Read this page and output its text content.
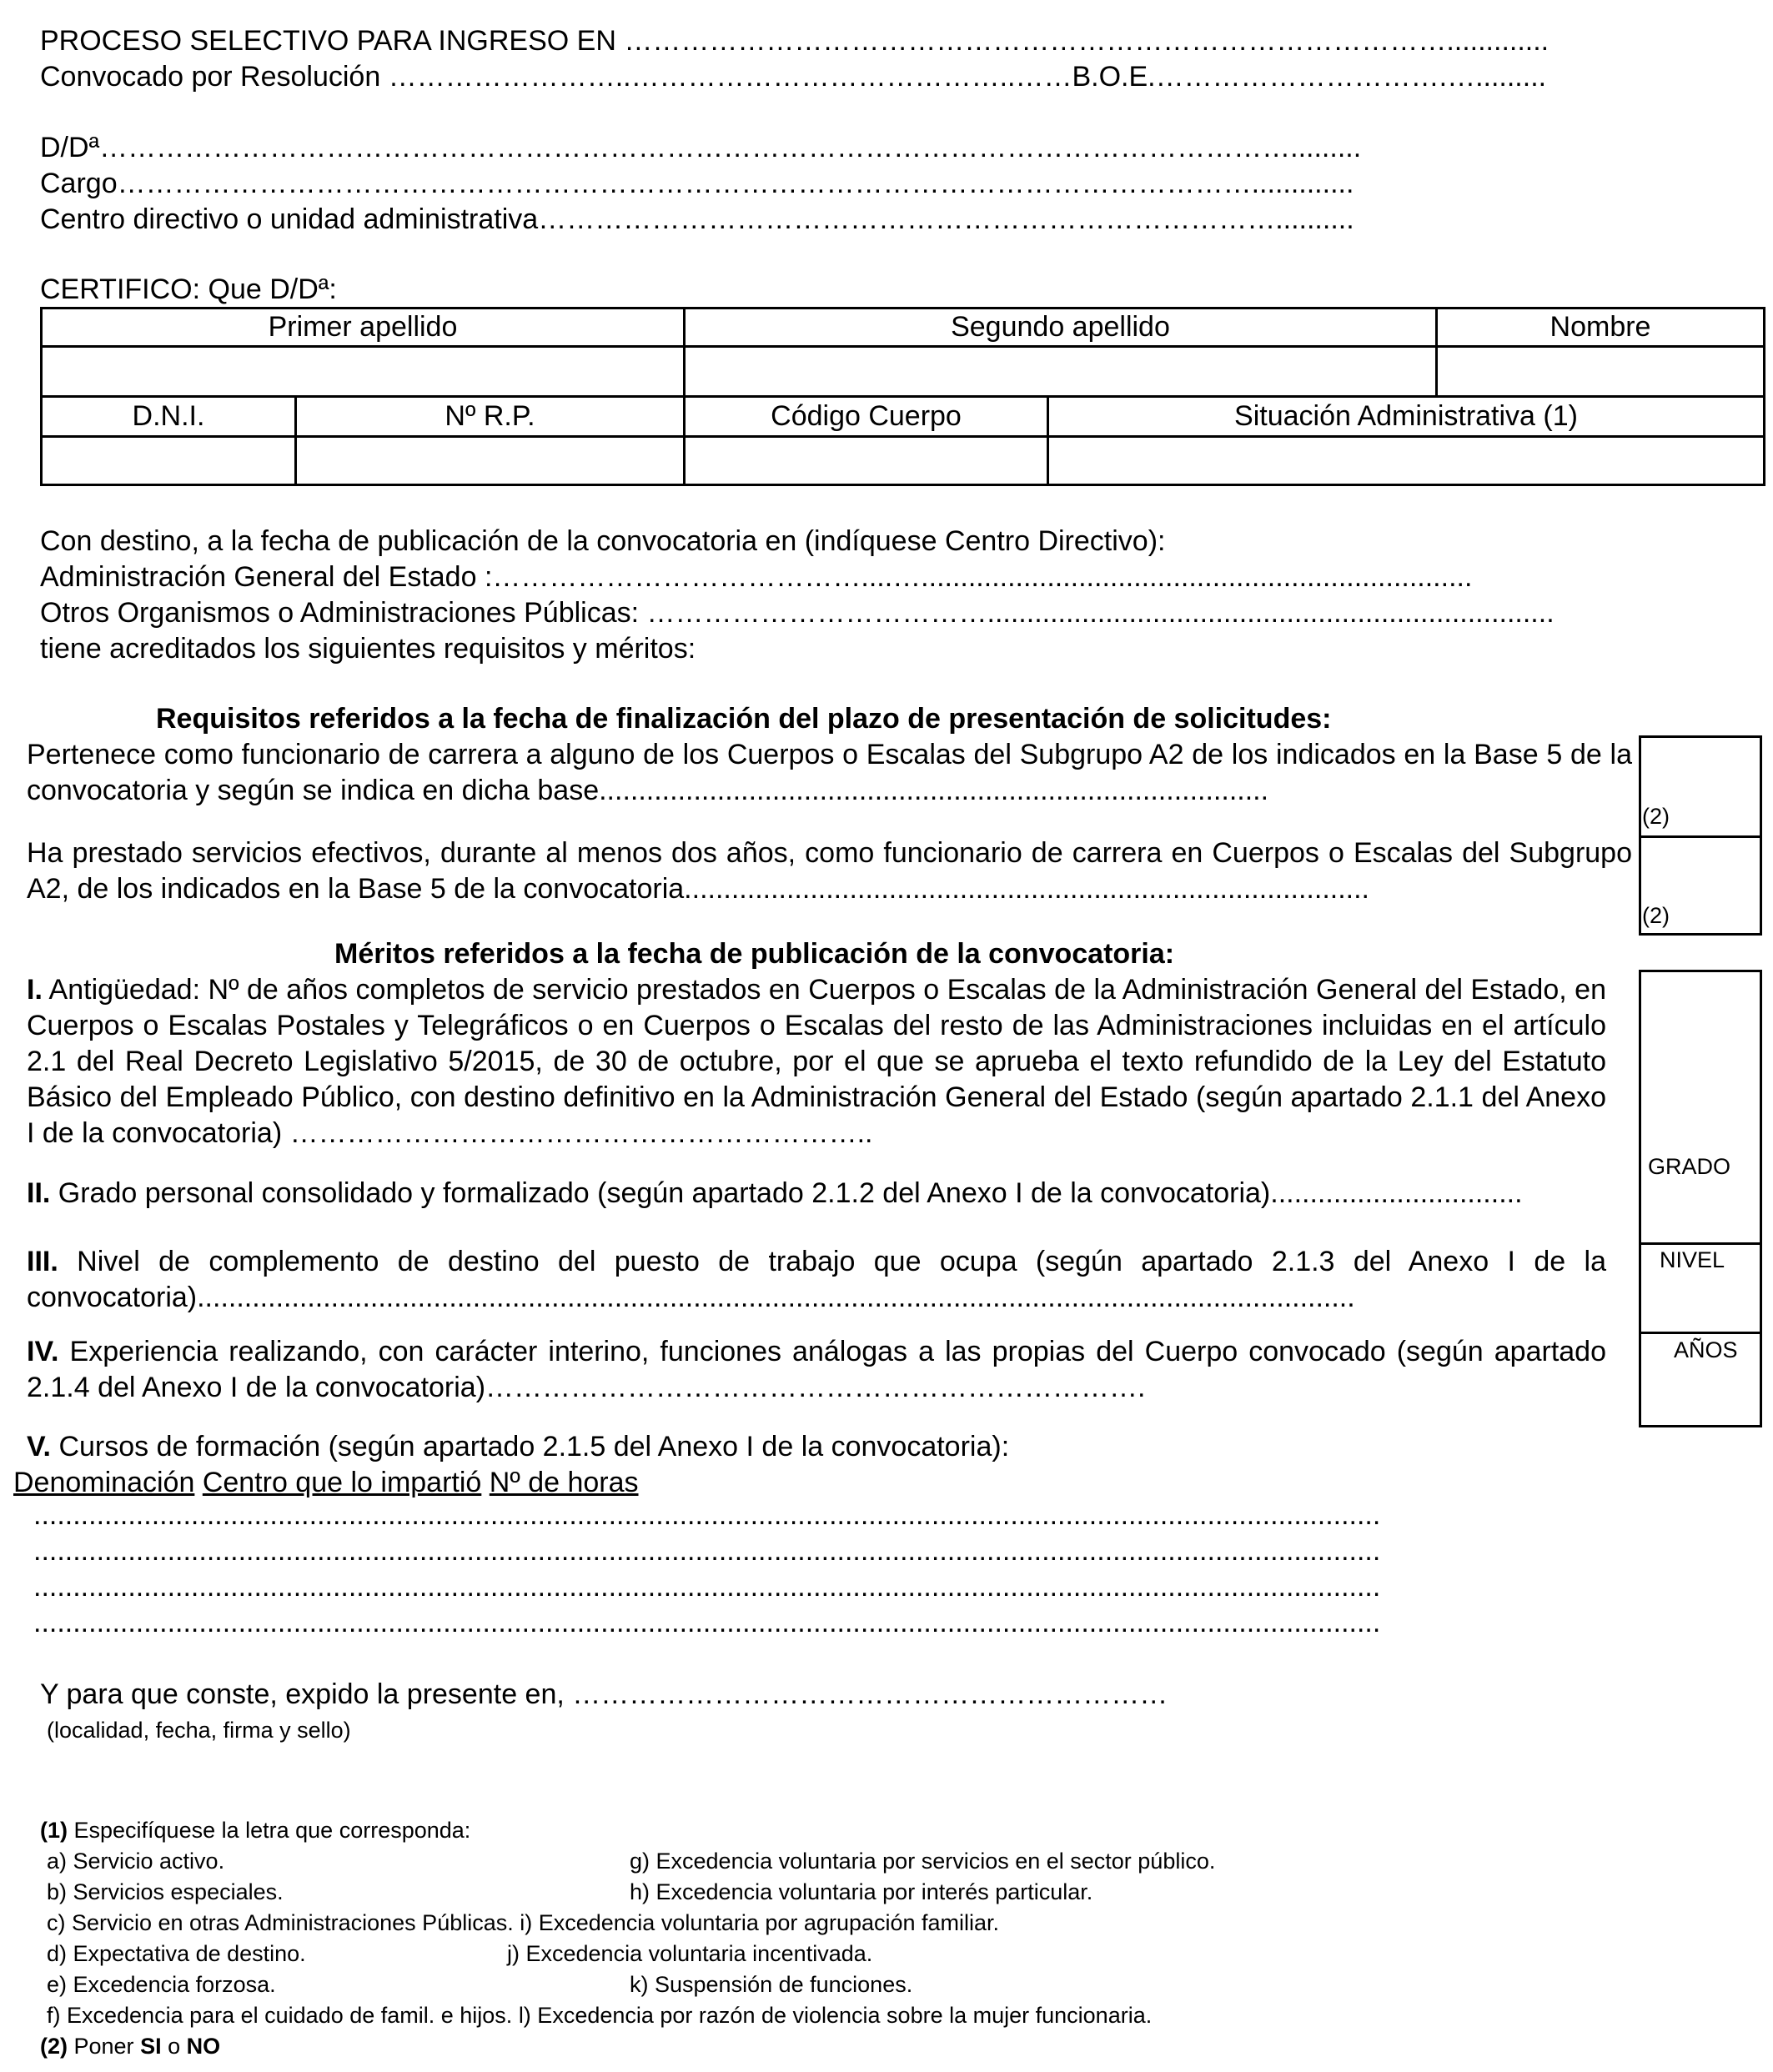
PROCESO SELECTIVO PARA INGRESO EN …………………………………………………………………………….............
Convocado por Resolución ……………………..…………………………………..……B.O.E.………………………….….........
D/Dª……………………………………………………………………………………………………………….........
Cargo………………………………………………………………………………………………………….............
Centro directivo o unidad administrativa……………………………………………………………………..........
CERTIFICO: Que D/Dª:
Primer apellido	Segundo apellido	Nombre

D.N.I.	Nº R.P.	Código Cuerpo	Situación Administrativa (1)

Con destino, a la fecha de publicación de la convocatoria en (indíquese Centro Directivo):
Administración General del Estado :…………………………………....…......................................................................
Otros Organismos o Administraciones Públicas: ………………………………........................................................................
tiene acreditados los siguientes requisitos y méritos:
Requisitos referidos a la fecha de finalización del plazo de presentación de solicitudes:
Pertenece como funcionario de carrera a alguno de los Cuerpos o Escalas del Subgrupo A2 de los indicados en la Base 5 de la convocatoria y según se indica en dicha base.....................................................................................
Ha prestado servicios efectivos, durante al menos dos años, como funcionario de carrera en Cuerpos o Escalas del Subgrupo A2, de los indicados en la Base 5 de la convocatoria.......................................................................................
(2)
(2)
Méritos referidos a la fecha de publicación de la convocatoria:
I. Antigüedad: Nº de años completos de servicio prestados en Cuerpos o Escalas de la Administración General del Estado, en Cuerpos o Escalas Postales y Telegráficos o en Cuerpos o Escalas del resto de las Administraciones incluidas en el artículo 2.1 del Real Decreto Legislativo 5/2015, de 30 de octubre, por el que se aprueba el texto refundido de la Ley del Estatuto Básico del Empleado Público, con destino definitivo en la Administración General del Estado (según apartado 2.1.1 del Anexo I de la convocatoria) ……………………………………………………..
II. Grado personal consolidado y formalizado (según apartado 2.1.2 del Anexo I de la convocatoria)................................
III. Nivel de complemento de destino del puesto de trabajo que ocupa (según apartado 2.1.3 del Anexo I de la convocatoria)...................................................................................................................................................
IV. Experiencia realizando, con carácter interino, funciones análogas a las propias del Cuerpo convocado (según apartado 2.1.4 del Anexo I de la convocatoria)…………………………………………………………….
GRADO
NIVEL
AÑOS
V. Cursos de formación (según apartado 2.1.5 del Anexo I de la convocatoria):
Denominación Centro que lo impartió Nº de horas
...........................................................................................................................................................................
...........................................................................................................................................................................
...........................................................................................................................................................................
...........................................................................................................................................................................
Y para que conste, expido la presente en, ………………………………………………………
(localidad, fecha, firma y sello)
(1) Especifíquese la letra que corresponda:
a) Servicio activo.	g) Excedencia voluntaria por servicios en el sector público.
b) Servicios especiales.	h) Excedencia voluntaria por interés particular.
c) Servicio en otras Administraciones Públicas. i) Excedencia voluntaria por agrupación familiar.
d) Expectativa de destino.	j) Excedencia voluntaria incentivada.
e) Excedencia forzosa.	k) Suspensión de funciones.
f) Excedencia para el cuidado de famil. e hijos. l) Excedencia por razón de violencia sobre la mujer funcionaria.
(2) Poner SI o NO
